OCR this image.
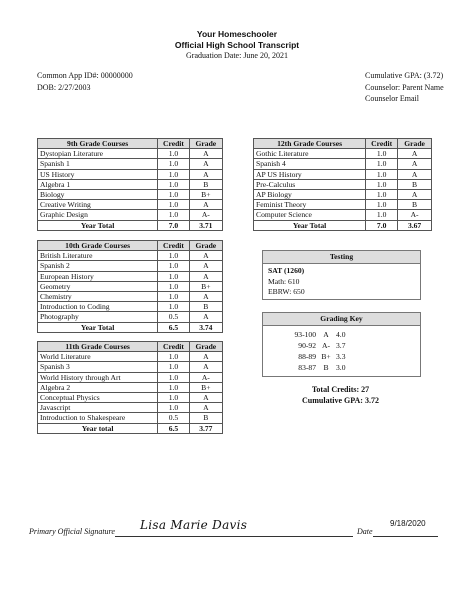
Your Homeschooler
Official High School Transcript
Graduation Date: June 20, 2021
Common App ID#: 00000000
DOB: 2/27/2003
Cumulative GPA: (3.72)
Counselor: Parent Name
Counselor Email
9th Grade Courses	Credit	Grade
Dystopian Literature	1.0	A
Spanish 1	1.0	A
US History	1.0	A
Algebra 1	1.0	B
Biology	1.0	B+
Creative Writing	1.0	A
Graphic Design	1.0	A-
Year Total	7.0	3.71
10th Grade Courses	Credit	Grade
British Literature	1.0	A
Spanish 2	1.0	A
European History	1.0	A
Geometry	1.0	B+
Chemistry	1.0	A
Introduction to Coding	1.0	B
Photography	0.5	A
Year Total	6.5	3.74
11th Grade Courses	Credit	Grade
World Literature	1.0	A
Spanish 3	1.0	A
World History through Art	1.0	A-
Algebra 2	1.0	B+
Conceptual Physics	1.0	A
Javascript	1.0	A
Introduction to Shakespeare	0.5	B
Year total	6.5	3.77
12th Grade Courses	Credit	Grade
Gothic Literature	1.0	A
Spanish 4	1.0	A
AP US History	1.0	A
Pre-Calculus	1.0	B
AP Biology	1.0	A
Feminist Theory	1.0	B
Computer Science	1.0	A-
Year Total	7.0	3.67
Testing
SAT (1260)
Math: 610
EBRW: 650
Grading Key
93-100 A 4.0
90-92 A- 3.7
88-89 B+ 3.3
83-87 B 3.0
Total Credits: 27
Cumulative GPA: 3.72
Primary Official Signature Lisa Marie Davis	Date
9/18/2020
